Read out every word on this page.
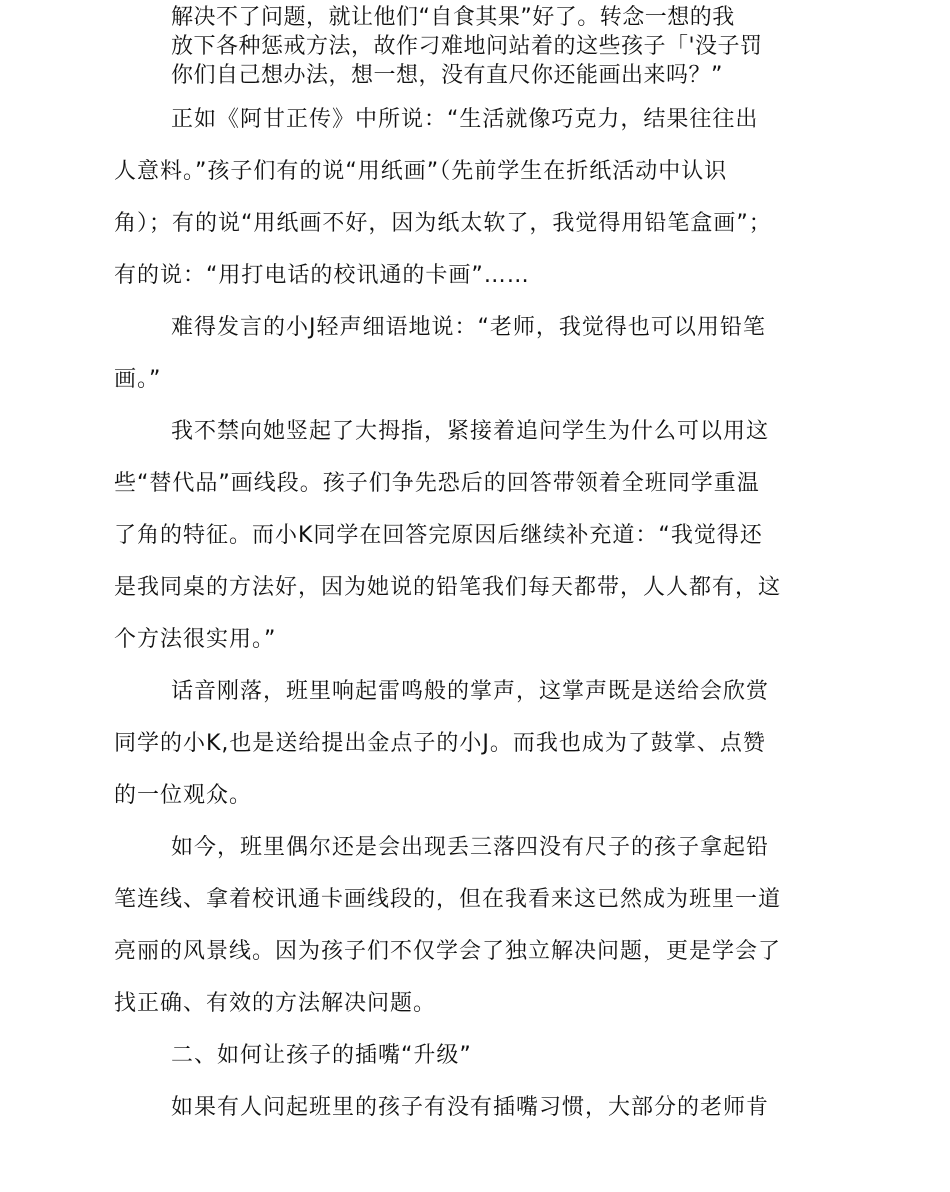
解决不了问题，就让他们“自食其果”好了。转念一想的我
放下各种惩戒方法，故作刁难地问站着的这些孩子「'没子罚
你们自己想办法，想一想，没有直尺你还能画出来吗？”

正如《阿甘正传》中所说：“生活就像巧克力，结果往往出
人意料。”孩子们有的说“用纸画”（先前学生在折纸活动中认识
角）；有的说“用纸画不好，因为纸太软了，我觉得用铅笔盒画”；
有的说：“用打电话的校讯通的卡画”……

难得发言的小J轻声细语地说：“老师，我觉得也可以用铅笔
画。”

我不禁向她竖起了大拇指，紧接着追问学生为什么可以用这
些“替代品”画线段。孩子们争先恐后的回答带领着全班同学重温
了角的特征。而小K同学在回答完原因后继续补充道：“我觉得还
是我同桌的方法好，因为她说的铅笔我们每天都带，人人都有，这
个方法很实用。”

话音刚落，班里响起雷鸣般的掌声，这掌声既是送给会欣赏
同学的小K,也是送给提出金点子的小J。而我也成为了鼓掌、点赞
的一位观众。

如今，班里偶尔还是会出现丢三落四没有尺子的孩子拿起铅
笔连线、拿着校讯通卡画线段的，但在我看来这已然成为班里一道
亮丽的风景线。因为孩子们不仅学会了独立解决问题，更是学会了
找正确、有效的方法解决问题。

二、如何让孩子的插嘴“升级”

如果有人问起班里的孩子有没有插嘴习惯，大部分的老师肯
